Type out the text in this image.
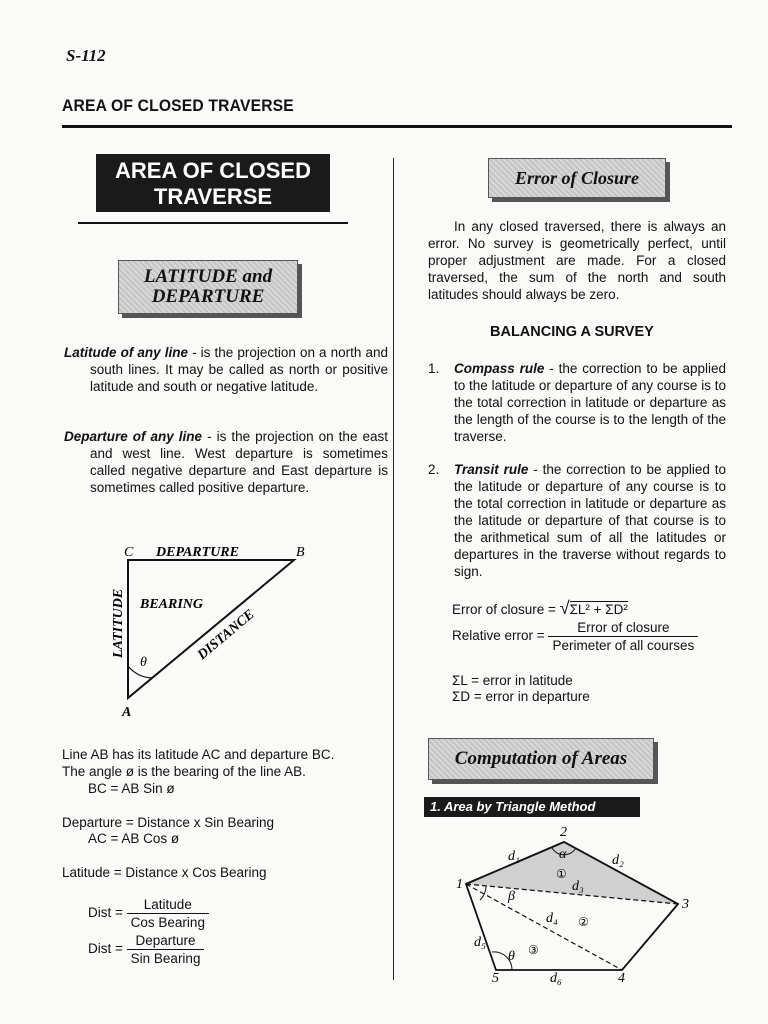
S-112
AREA OF CLOSED TRAVERSE
AREA OF CLOSED
TRAVERSE
LATITUDE and
DEPARTURE
Latitude of any line - is the projection on a north and south lines. It may be called as north or positive latitude and south or negative latitude.
Departure of any line - is the projection on the east and west line. West departure is sometimes called negative departure and East departure is sometimes called positive departure.
C DEPARTURE	B
BEARING
LATITUDE	DISTANCE
θ
A
Line AB has its latitude AC and departure BC.
The angle ø is the bearing of the line AB.
BC = AB Sin ø
Departure = Distance x Sin Bearing
AC = AB Cos ø
Latitude = Distance x Cos Bearing
Dist = $\frac{\text{Latitude}}{\text{Cos Bearing}}$
Dist = $\frac{\text{Departure}}{\text{Sin Bearing}}$
Error of Closure
In any closed traversed, there is always an error. No survey is geometrically perfect, until proper adjustment are made. For a closed traversed, the sum of the north and south latitudes should always be zero.
BALANCING A SURVEY
1. Compass rule - the correction to be applied to the latitude or departure of any course is to the total correction in latitude or departure as the length of the course is to the length of the traverse.
2. Transit rule - the correction to be applied to the latitude or departure of any course is to the total correction in latitude or departure as the latitude or departure of that course is to the arithmetical sum of all the latitudes or departures in the traverse without regards to sign.
Error of closure = √ΣL² + ΣD²
Relative error = $\frac{\text{Error of closure}}{\text{Perimeter of all courses}}$
ΣL = error in latitude
ΣD = error in departure
Computation of Areas
1. Area by Triangle Method
1
2
3
4
5
d₁	d₂
d₃
d₄
d₅
d₆
α
β
θ
①
②
③
